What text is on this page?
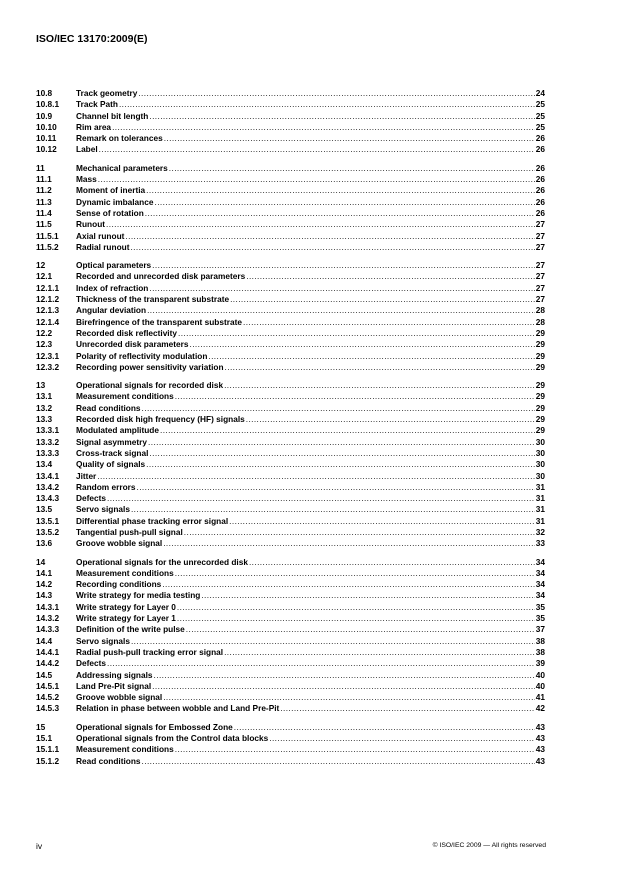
ISO/IEC 13170:2009(E)
10.8	Track geometry .....	24
10.8.1	Track Path .....	25
10.9	Channel bit length .....	25
10.10	Rim area .....	25
10.11	Remark on tolerances .....	26
10.12	Label .....	26
11	Mechanical parameters .....	26
11.1	Mass .....	26
11.2	Moment of inertia .....	26
11.3	Dynamic imbalance .....	26
11.4	Sense of rotation .....	26
11.5	Runout .....	27
11.5.1	Axial runout .....	27
11.5.2	Radial runout .....	27
12	Optical parameters .....	27
12.1	Recorded and unrecorded disk parameters .....	27
12.1.1	Index of refraction .....	27
12.1.2	Thickness of the transparent substrate .....	27
12.1.3	Angular deviation .....	28
12.1.4	Birefringence of the transparent substrate .....	28
12.2	Recorded disk reflectivity .....	29
12.3	Unrecorded disk parameters .....	29
12.3.1	Polarity of reflectivity modulation .....	29
12.3.2	Recording power sensitivity variation .....	29
13	Operational signals for recorded disk .....	29
13.1	Measurement conditions .....	29
13.2	Read conditions .....	29
13.3	Recorded disk high frequency (HF) signals .....	29
13.3.1	Modulated amplitude .....	29
13.3.2	Signal asymmetry .....	30
13.3.3	Cross-track signal .....	30
13.4	Quality of signals .....	30
13.4.1	Jitter .....	30
13.4.2	Random errors .....	31
13.4.3	Defects .....	31
13.5	Servo signals .....	31
13.5.1	Differential phase tracking error signal .....	31
13.5.2	Tangential push-pull signal .....	32
13.6	Groove wobble signal .....	33
14	Operational signals for the unrecorded disk .....	34
14.1	Measurement conditions .....	34
14.2	Recording conditions .....	34
14.3	Write strategy for media testing .....	34
14.3.1	Write strategy for Layer 0 .....	35
14.3.2	Write strategy for Layer 1 .....	35
14.3.3	Definition of the write pulse .....	37
14.4	Servo signals .....	38
14.4.1	Radial push-pull tracking error signal .....	38
14.4.2	Defects .....	39
14.5	Addressing signals .....	40
14.5.1	Land Pre-Pit signal .....	40
14.5.2	Groove wobble signal .....	41
14.5.3	Relation in phase between wobble and Land Pre-Pit .....	42
15	Operational signals for Embossed Zone .....	43
15.1	Operational signals from the Control data blocks .....	43
15.1.1	Measurement conditions .....	43
15.1.2	Read conditions .....	43
iv	© ISO/IEC 2009 — All rights reserved
